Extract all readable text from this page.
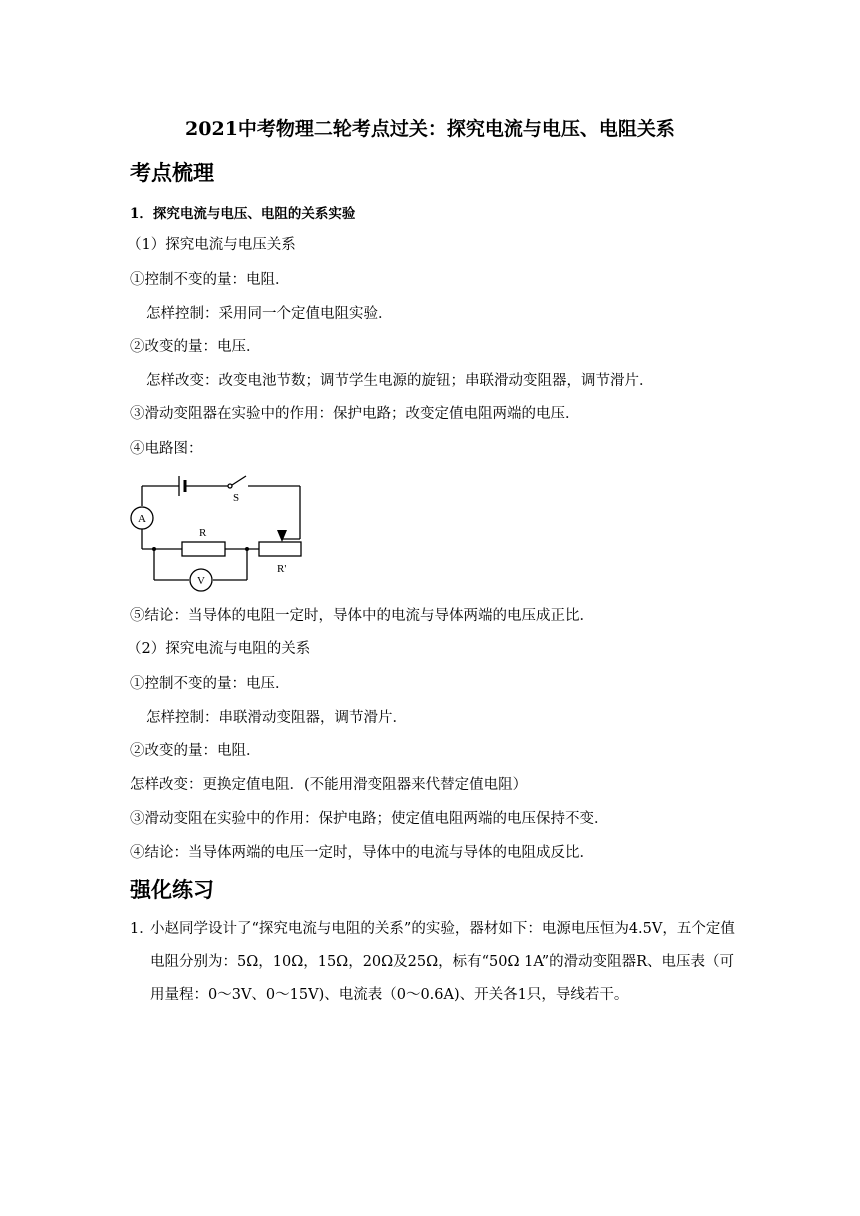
2021中考物理二轮考点过关：探究电流与电压、电阻关系
考点梳理
1．探究电流与电压、电阻的关系实验
（1）探究电流与电压关系
①控制不变的量：电阻．
怎样控制：采用同一个定值电阻实验．
②改变的量：电压．
怎样改变：改变电池节数；调节学生电源的旋钮；串联滑动变阻器，调节滑片．
③滑动变阻器在实验中的作用：保护电路；改变定值电阻两端的电压．
④电路图：
S
A
R
V
R'
⑤结论：当导体的电阻一定时，导体中的电流与导体两端的电压成正比．
（2）探究电流与电阻的关系
①控制不变的量：电压．
怎样控制：串联滑动变阻器，调节滑片．
②改变的量：电阻．
怎样改变：更换定值电阻．(不能用滑变阻器来代替定值电阻）
③滑动变阻在实验中的作用：保护电路；使定值电阻两端的电压保持不变．
④结论：当导体两端的电压一定时，导体中的电流与导体的电阻成反比．
强化练习
1．
小赵同学设计了“探究电流与电阻的关系”的实验，器材如下：电源电压恒为4.5V，五个定值电阻分别为：5Ω，10Ω，15Ω，20Ω及25Ω，标有“50Ω 1A”的滑动变阻器R、电压表（可用量程：0～3V、0～15V)、电流表（0～0.6A)、开关各1只，导线若干。
